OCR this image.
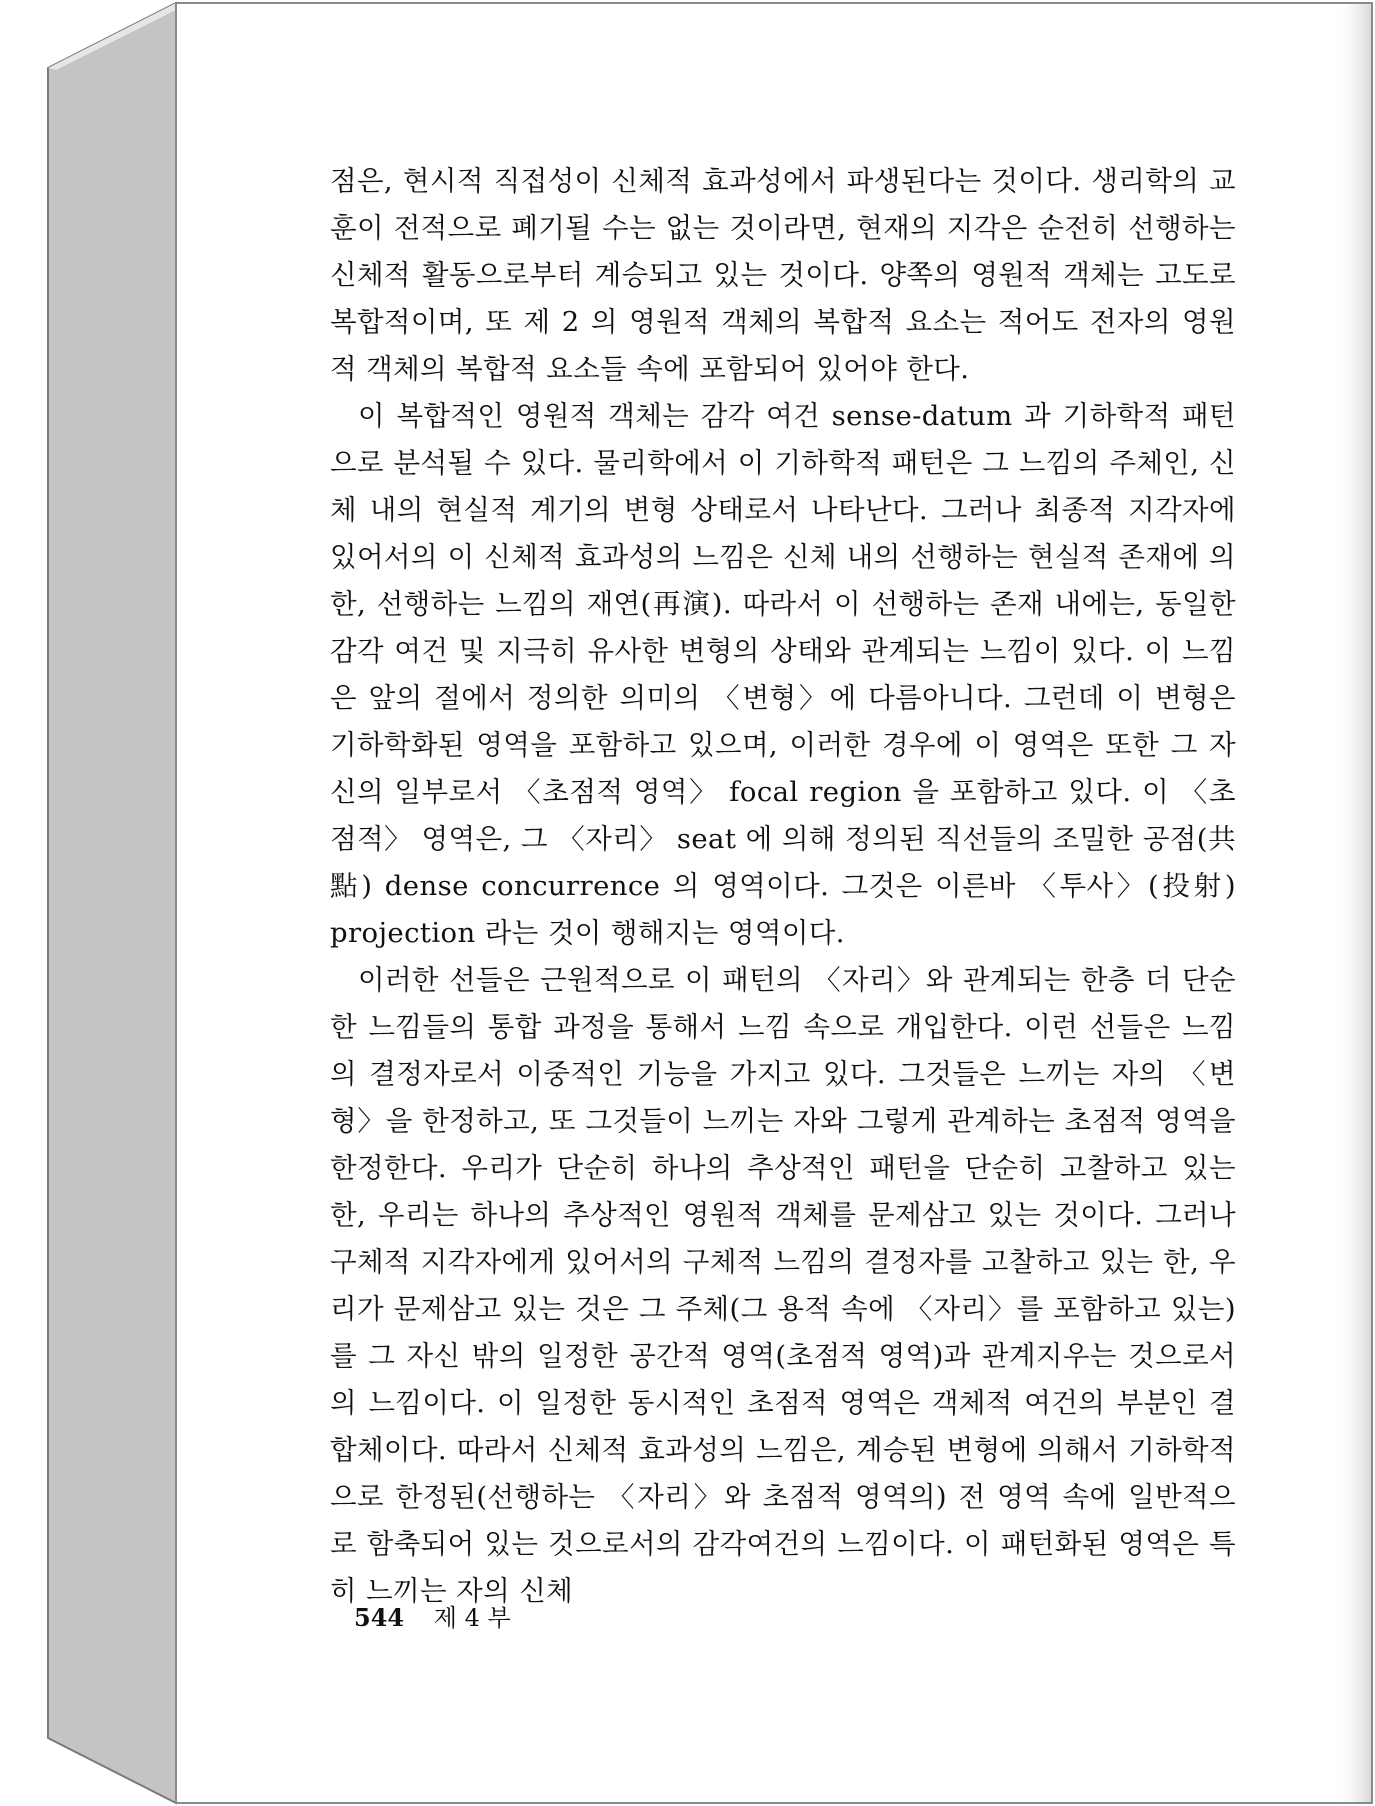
점은, 현시적 직접성이 신체적 효과성에서 파생된다는 것이다. 생리학의 교훈이 전적으로 폐기될 수는 없는 것이라면, 현재의 지각은 순전히 선행하는 신체적 활동으로부터 계승되고 있는 것이다. 양쪽의 영원적 객체는 고도로 복합적이며, 또 제 2 의 영원적 객체의 복합적 요소는 적어도 전자의 영원적 객체의 복합적 요소들 속에 포함되어 있어야 한다.

이 복합적인 영원적 객체는 감각 여건 sense-datum 과 기하학적 패턴으로 분석될 수 있다. 물리학에서 이 기하학적 패턴은 그 느낌의 주체인, 신체 내의 현실적 계기의 변형 상태로서 나타난다. 그러나 최종적 지각자에 있어서의 이 신체적 효과성의 느낌은 신체 내의 선행하는 현실적 존재에 의한, 선행하는 느낌의 재연(再演). 따라서 이 선행하는 존재 내에는, 동일한 감각 여건 및 지극히 유사한 변형의 상태와 관계되는 느낌이 있다. 이 느낌은 앞의 절에서 정의한 의미의 〈변형〉에 다름아니다. 그런데 이 변형은 기하학화된 영역을 포함하고 있으며, 이러한 경우에 이 영역은 또한 그 자신의 일부로서 〈초점적 영역〉 focal region 을 포함하고 있다. 이 〈초점적〉 영역은, 그 〈자리〉 seat 에 의해 정의된 직선들의 조밀한 공점(共點) dense concurrence 의 영역이다. 그것은 이른바 〈투사〉(投射) projection 라는 것이 행해지는 영역이다.

이러한 선들은 근원적으로 이 패턴의 〈자리〉와 관계되는 한층 더 단순한 느낌들의 통합 과정을 통해서 느낌 속으로 개입한다. 이런 선들은 느낌의 결정자로서 이중적인 기능을 가지고 있다. 그것들은 느끼는 자의 〈변형〉을 한정하고, 또 그것들이 느끼는 자와 그렇게 관계하는 초점적 영역을 한정한다. 우리가 단순히 하나의 추상적인 패턴을 단순히 고찰하고 있는 한, 우리는 하나의 추상적인 영원적 객체를 문제삼고 있는 것이다. 그러나 구체적 지각자에게 있어서의 구체적 느낌의 결정자를 고찰하고 있는 한, 우리가 문제삼고 있는 것은 그 주체(그 용적 속에 〈자리〉를 포함하고 있는)를 그 자신 밖의 일정한 공간적 영역(초점적 영역)과 관계지우는 것으로서의 느낌이다. 이 일정한 동시적인 초점적 영역은 객체적 여건의 부분인 결합체이다. 따라서 신체적 효과성의 느낌은, 계승된 변형에 의해서 기하학적으로 한정된(선행하는 〈자리〉와 초점적 영역의) 전 영역 속에 일반적으로 함축되어 있는 것으로서의 감각여건의 느낌이다. 이 패턴화된 영역은 특히 느끼는 자의 신체

544 제 4 부
